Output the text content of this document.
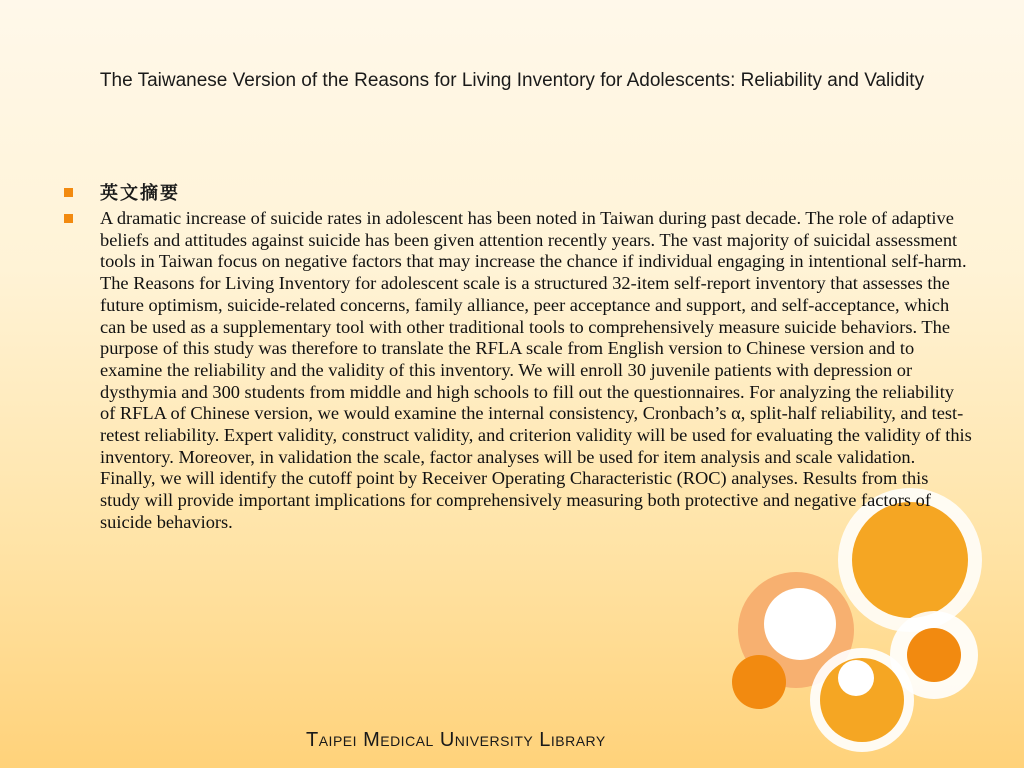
The Taiwanese Version of the Reasons for Living Inventory for Adolescents: Reliability and Validity
英文摘要
A dramatic increase of suicide rates in adolescent has been noted in Taiwan during past decade. The role of adaptive beliefs and attitudes against suicide has been given attention recently years. The vast majority of suicidal assessment tools in Taiwan focus on negative factors that may increase the chance if individual engaging in intentional self-harm. The Reasons for Living Inventory for adolescent scale is a structured 32-item self-report inventory that assesses the future optimism, suicide-related concerns, family alliance, peer acceptance and support, and self-acceptance, which can be used as a supplementary tool with other traditional tools to comprehensively measure suicide behaviors. The purpose of this study was therefore to translate the RFLA scale from English version to Chinese version and to examine the reliability and the validity of this inventory. We will enroll 30 juvenile patients with depression or dysthymia and 300 students from middle and high schools to fill out the questionnaires. For analyzing the reliability of RFLA of Chinese version, we would examine the internal consistency, Cronbach’s α, split-half reliability, and test-retest reliability. Expert validity, construct validity, and criterion validity will be used for evaluating the validity of this inventory. Moreover, in validation the scale, factor analyses will be used for item analysis and scale validation. Finally, we will identify the cutoff point by Receiver Operating Characteristic (ROC) analyses. Results from this study will provide important implications for comprehensively measuring both protective and negative factors of suicide behaviors.
Taipei Medical University Library
